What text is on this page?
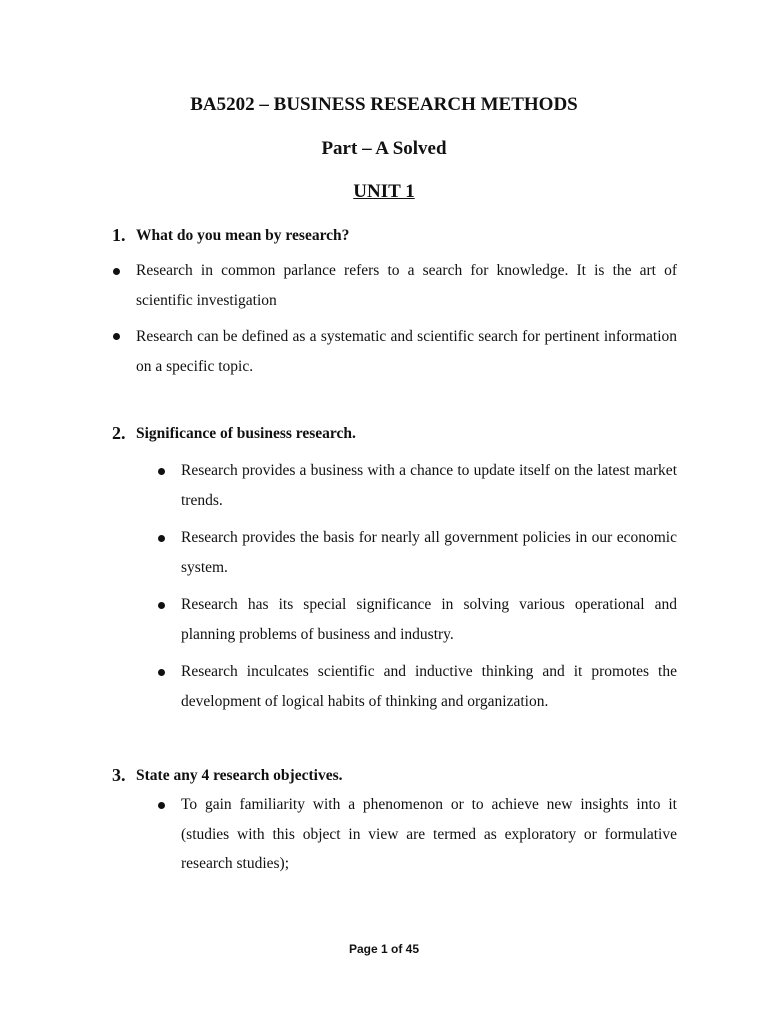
BA5202 – BUSINESS RESEARCH METHODS
Part – A Solved
UNIT 1
1. What do you mean by research?
Research in common parlance refers to a search for knowledge. It is the art of scientific investigation
Research can be defined as a systematic and scientific search for pertinent information on a specific topic.
2. Significance of business research.
Research provides a business with a chance to update itself on the latest market trends.
Research provides the basis for nearly all government policies in our economic system.
Research has its special significance in solving various operational and planning problems of business and industry.
Research inculcates scientific and inductive thinking and it promotes the development of logical habits of thinking and organization.
3. State any 4 research objectives.
To gain familiarity with a phenomenon or to achieve new insights into it (studies with this object in view are termed as exploratory or formulative research studies);
Page 1 of 45
